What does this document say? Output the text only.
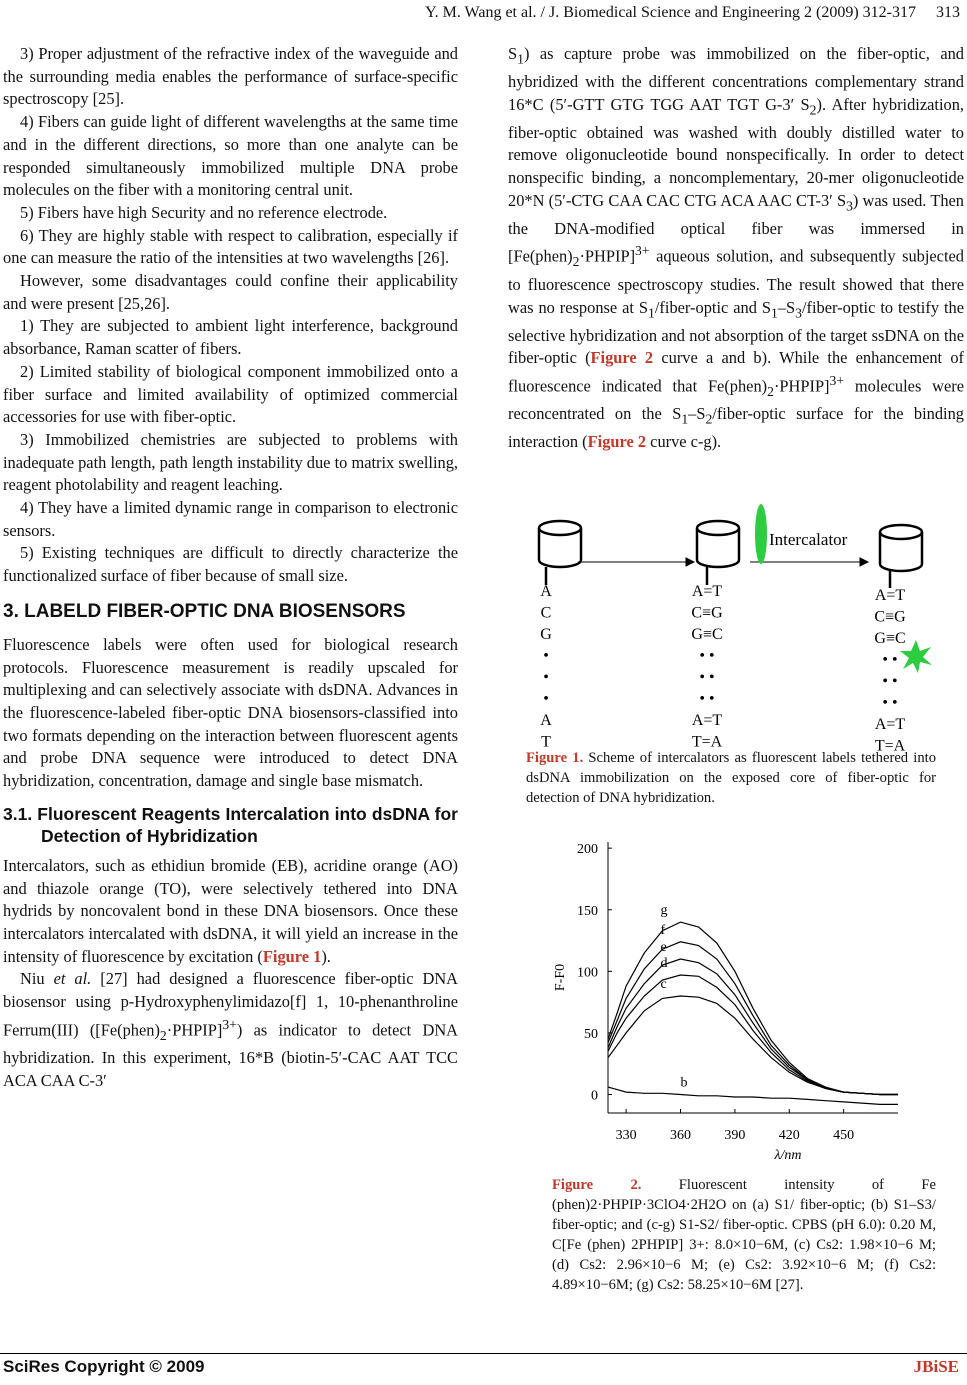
Y. M. Wang et al. / J. Biomedical Science and Engineering 2 (2009) 312-317 313

3) Proper adjustment of the refractive index of the waveguide and the surrounding media enables the performance of surface-specific spectroscopy [25].

4) Fibers can guide light of different wavelengths at the same time and in the different directions, so more than one analyte can be responded simultaneously immobilized multiple DNA probe molecules on the fiber with a monitoring central unit.

5) Fibers have high Security and no reference electrode.

6) They are highly stable with respect to calibration, especially if one can measure the ratio of the intensities at two wavelengths [26].

However, some disadvantages could confine their applicability and were present [25,26].

1) They are subjected to ambient light interference, background absorbance, Raman scatter of fibers.

2) Limited stability of biological component immobilized onto a fiber surface and limited availability of optimized commercial accessories for use with fiber-optic.

3) Immobilized chemistries are subjected to problems with inadequate path length, path length instability due to matrix swelling, reagent photolability and reagent leaching.

4) They have a limited dynamic range in comparison to electronic sensors.

5) Existing techniques are difficult to directly characterize the functionalized surface of fiber because of small size.

3. LABELD FIBER-OPTIC DNA BIOSENSORS

Fluorescence labels were often used for biological research protocols. Fluorescence measurement is readily upscaled for multiplexing and can selectively associate with dsDNA. Advances in the fluorescence-labeled fiber-optic DNA biosensors-classified into two formats depending on the interaction between fluorescent agents and probe DNA sequence were introduced to detect DNA hybridization, concentration, damage and single base mismatch.

3.1. Fluorescent Reagents Intercalation into dsDNA for Detection of Hybridization

Intercalators, such as ethidiun bromide (EB), acridine orange (AO) and thiazole orange (TO), were selectively tethered into DNA hydrids by noncovalent bond in these DNA biosensors. Once these intercalators intercalated with dsDNA, it will yield an increase in the intensity of fluorescence by excitation (Figure 1).

Niu et al. [27] had designed a fluorescence fiber-optic DNA biosensor using p-Hydroxyphenylimidazo[f] 1, 10-phenanthroline Ferrum(III) $([Fe(phen)_2\cdot PHPIP]^{3+})$ as indicator to detect DNA hybridization. In this experiment, 16*B (biotin-5′-CAC AAT TCC ACA CAA C-3′

$S_1$) as capture probe was immobilized on the fiber-optic, and hybridized with the different concentrations complementary strand 16*C (5′-GTT GTG TGG AAT TGT G-3′ $S_2$). After hybridization, fiber-optic obtained was washed with doubly distilled water to remove oligonucleotide bound nonspecifically. In order to detect nonspecific binding, a noncomplementary, 20-mer oligonucleotide 20*N (5′-CTG CAA CAC CTG ACA AAC CT-3′ $S_3$) was used. Then the DNA-modified optical fiber was immersed in $[Fe(phen)_2\cdot PHPIP]^{3+}$ aqueous solution, and subsequently subjected to fluorescence spectroscopy studies. The result showed that there was no response at $S_1/fiber$-optic and $S_1-S_3/fiber$-optic to testify the selective hybridization and not absorption of the target ssDNA on the fiber-optic (Figure 2 curve a and b). While the enhancement of fluorescence indicated that $Fe(phen)_2\cdot PHPIP]^{3+}$ molecules were reconcentrated on the $S_1-S_2/fiber$-optic surface for the binding interaction (Figure 2 curve c-g).

Intercalator
A
C
G
•
•
•
A
T
A=T
C≡G
G≡C
• •
• •
• •
A=T
T=A
A=T
C≡G
G≡C
• •
• •
• •
A=T
T=A
Figure 1. Scheme of intercalators as fluorescent labels tethered into dsDNA immobilization on the exposed core of fiber-optic for detection of DNA hybridization.
0
50
100
150
200
330 360 390 420 450
λ/nm
F-F0
b
c
d
e
f
g
Figure 2. Fluorescent intensity of Fe (phen)2·PHPIP·3ClO4·2H2O on (a) S1/ fiber-optic; (b) S1–S3/ fiber-optic; and (c-g) S1-S2/ fiber-optic. CPBS (pH 6.0): 0.20 M, C[Fe (phen) 2PHPIP] 3+: 8.0×10−6M, (c) Cs2: 1.98×10−6 M; (d) Cs2: 2.96×10−6 M; (e) Cs2: 3.92×10−6 M; (f) Cs2: 4.89×10−6M; (g) Cs2: 58.25×10−6M [27].
SciRes Copyright © 2009	JBiSE
